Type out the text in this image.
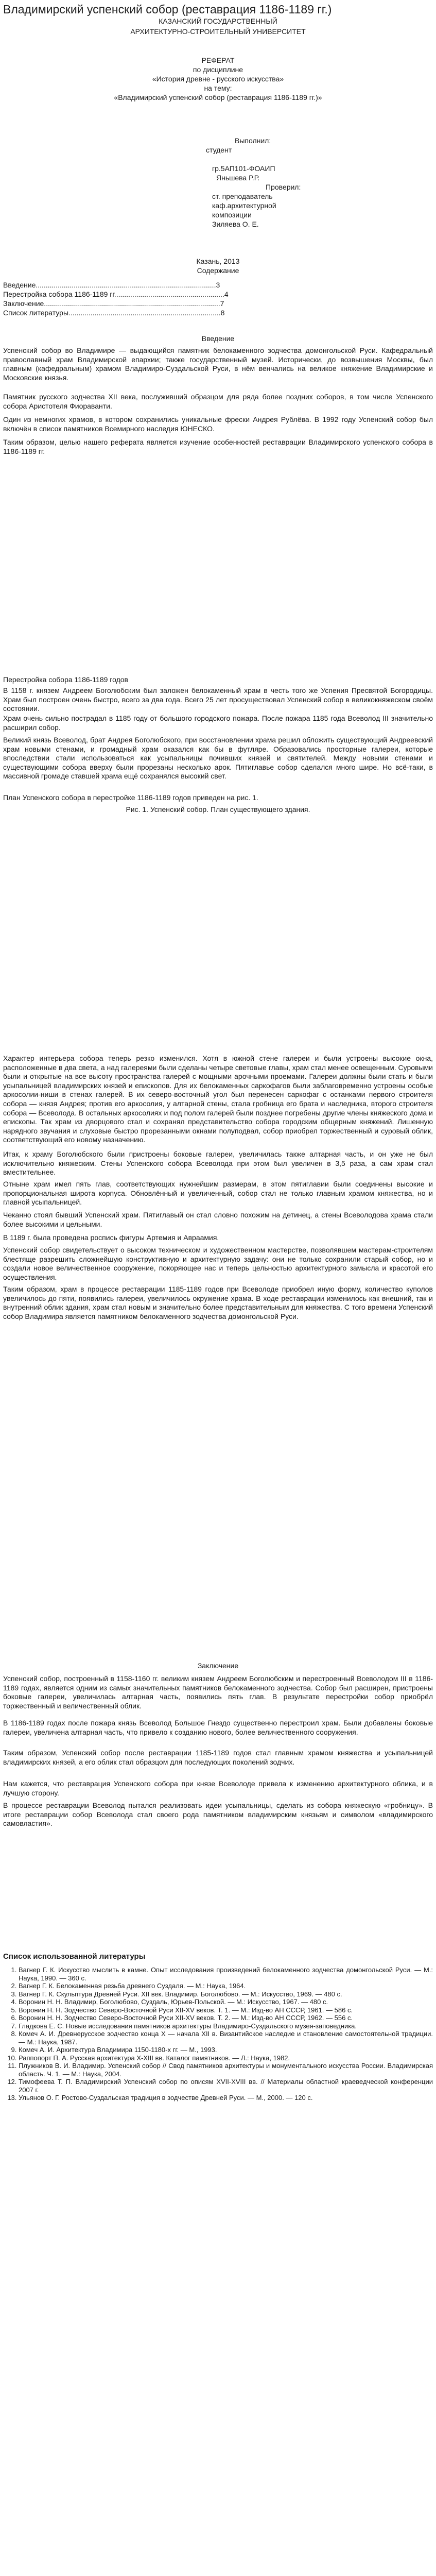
Владимирский успенский собор (реставрация 1186-1189 гг.)
КАЗАНСКИЙ ГОСУДАРСТВЕННЫЙ
АРХИТЕКТУРНО-СТРОИТЕЛЬНЫЙ УНИВЕРСИТЕТ
РЕФЕРАТ
по дисциплине
«История древне - русского искусства»
на тему:
«Владимирский успенский собор (реставрация 1186-1189 гг.)»
Выполнил:
студент
гр.5АП101-ФОАИП
Яньшева Р.Р.
Проверил:
ст. преподаватель
каф.архитектурной
композиции
Зиляева О. Е.
Казань, 2013
Содержание
Введение..........................................................................................3
Перестройка собора 1186-1189 гг.......................................................4
Заключение........................................................................................7
Список литературы............................................................................8
Введение

Успенский собор во Владимире — выдающийся памятник белокаменного зодчества домонгольской Руси. Кафедральный православный храм Владимирской епархии; также государственный музей. Исторически, до возвышения Москвы, был главным (кафедральным) храмом Владимиро-Суздальской Руси, в нём венчались на великое княжение Владимирские и Московские князья.

Памятник русского зодчества XII века, послуживший образцом для ряда более поздних соборов, в том числе Успенского собора Аристотеля Фиораванти.

Один из немногих храмов, в котором сохранились уникальные фрески Андрея Рублёва. В 1992 году Успенский собор был включён в список памятников Всемирного наследия ЮНЕСКО.

Таким образом, целью нашего реферата является изучение особенностей реставрации Владимирского успенского собора в 1186-1189 гг.

Перестройка собора 1186-1189 годов

В 1158 г. князем Андреем Боголюбским был заложен белокаменный храм в честь того же Успения Пресвятой Богородицы. Храм был построен очень быстро, всего за два года. Всего 25 лет просуществовал Успенский собор в великокняжеском своём состоянии.

Храм очень сильно пострадал в 1185 году от большого городского пожара. После пожара 1185 года Всеволод III значительно расширил собор.

Великий князь Всеволод, брат Андрея Боголюбского, при восстановлении храма решил обложить существующий Андреевский храм новыми стенами, и громадный храм оказался как бы в футляре. Образовались просторные галереи, которые впоследствии стали использоваться как усыпальницы почивших князей и святителей. Между новыми стенами и существующими собора вверху были прорезаны несколько арок. Пятиглавье собор сделался много шире. Но всё-таки, в массивной громаде ставшей храма ещё сохранялся высокий свет.

План Успенского собора в перестройке 1186-1189 годов приведен на рис. 1.

Рис. 1. Успенский собор. План существующего здания.

Характер интерьера собора теперь резко изменился. Хотя в южной стене галереи и были устроены высокие окна, расположенные в два света, а над галереями были сделаны четыре световые главы, храм стал менее освещенным. Суровыми были и открытые на все высоту пространства галерей с мощными арочными проемами. Галереи должны были стать и были усыпальницей владимирских князей и епископов. Для их белокаменных саркофагов были заблаговременно устроены особые аркосолии-ниши в стенах галерей. В их северо-восточный угол был перенесен саркофаг с останками первого строителя собора — князя Андрея; против его аркосолия, у алтарной стены, стала гробница его брата и наследника, второго строителя собора — Всеволода. В остальных аркосолиях и под полом галерей были позднее погребены другие члены княжеского дома и епископы. Так храм из дворцового стал и сохранял представительство собора городским общерным княжений. Лишенную нарядного звучания и слуховые быстро прорезанными окнами полуподвал, собор приобрел торжественный и суровый облик, соответствующий его новому назначению.

Итак, к храму Боголюбского были пристроены боковые галереи, увеличилась также алтарная часть, и он уже не был исключительно княжеским. Стены Успенского собора Всеволода при этом был увеличен в 3,5 раза, а сам храм стал вместительнее.

Отныне храм имел пять глав, соответствующих нужнейшим размерам, в этом пятиглавии были соединены высокие и пропорциональная широта корпуса. Обновлённый и увеличенный, собор стал не только главным храмом княжества, но и главной усыпальницей.

Чеканно стоял бывший Успенский храм. Пятиглавый он стал словно похожим на детинец, а стены Всеволодова храма стали более высокими и цельными.

В 1189 г. была проведена роспись фигуры Артемия и Авраамия.

Успенский собор свидетельствует о высоком техническом и художественном мастерстве, позволявшем мастерам-строителям блестяще разрешить сложнейшую конструктивную и архитектурную задачу: они не только сохранили старый собор, но и создали новое величественное сооружение, покоряющее нас и теперь цельностью архитектурного замысла и красотой его осуществления.

Таким образом, храм в процессе реставрации 1185-1189 годов при Всеволоде приобрел иную форму, количество куполов увеличилось до пяти, появились галереи, увеличилось окружение храма. В ходе реставрации изменилось как внешний, так и внутренний облик здания, храм стал новым и значительно более представительным для княжества. С того времени Успенский собор Владимира является памятником белокаменного зодчества домонгольской Руси.

Заключение

Успенский собор, построенный в 1158-1160 гг. великим князем Андреем Боголюбским и перестроенный Всеволодом III в 1186-1189 годах, является одним из самых значительных памятников белокаменного зодчества. Собор был расширен, пристроены боковые галереи, увеличилась алтарная часть, появились пять глав. В результате перестройки собор приобрёл торжественный и величественный облик.

В 1186-1189 годах после пожара князь Всеволод Большое Гнездо существенно перестроил храм. Были добавлены боковые галереи, увеличена алтарная часть, что привело к созданию нового, более величественного сооружения.

Таким образом, Успенский собор после реставрации 1185-1189 годов стал главным храмом княжества и усыпальницей владимирских князей, а его облик стал образцом для последующих поколений зодчих.

Нам кажется, что реставрация Успенского собора при князе Всеволоде привела к изменению архитектурного облика, и в лучшую сторону.

В процессе реставрации Всеволод пытался реализовать идеи усыпальницы, сделать из собора княжескую «гробницу». В итоге реставрации собор Всеволода стал своего рода памятником владимирским князьям и символом «владимирского самовластия».

Список использованной литературы
1. Вагнер Г. К. Искусство мыслить в камне. Опыт исследования произведений белокаменного зодчества домонгольской Руси. — М.: Наука, 1990. — 360 с.
2. Вагнер Г. К. Белокаменная резьба древнего Суздаля. — М.: Наука, 1964.
3. Вагнер Г. К. Скульптура Древней Руси. XII век. Владимир. Боголюбово. — М.: Искусство, 1969. — 480 с.
4. Воронин Н. Н. Владимир, Боголюбово, Суздаль, Юрьев-Польской. — М.: Искусство, 1967. — 480 с.
5. Воронин Н. Н. Зодчество Северо-Восточной Руси XII-XV веков. Т. 1. — М.: Изд-во АН СССР, 1961. — 586 с.
6. Воронин Н. Н. Зодчество Северо-Восточной Руси XII-XV веков. Т. 2. — М.: Изд-во АН СССР, 1962. — 556 с.
7. Гладкова Е. С. Новые исследования памятников архитектуры Владимиро-Суздальского музея-заповедника.
8. Комеч А. И. Древнерусское зодчество конца X — начала XII в. Византийское наследие и становление самостоятельной традиции. — М.: Наука, 1987.
9. Комеч А. И. Архитектура Владимира 1150-1180-х гг. — М., 1993.
10. Раппопорт П. А. Русская архитектура X-XIII вв. Каталог памятников. — Л.: Наука, 1982.
11. Плужников В. И. Владимир. Успенский собор // Свод памятников архитектуры и монументального искусства России. Владимирская область. Ч. 1. — М.: Наука, 2004.
12. Тимофеева Т. П. Владимирский Успенский собор по описям XVII-XVIII вв. // Материалы областной краеведческой конференции 2007 г.
13. Ульянов О. Г. Ростово-Суздальская традиция в зодчестве Древней Руси. — М., 2000. — 120 с.
